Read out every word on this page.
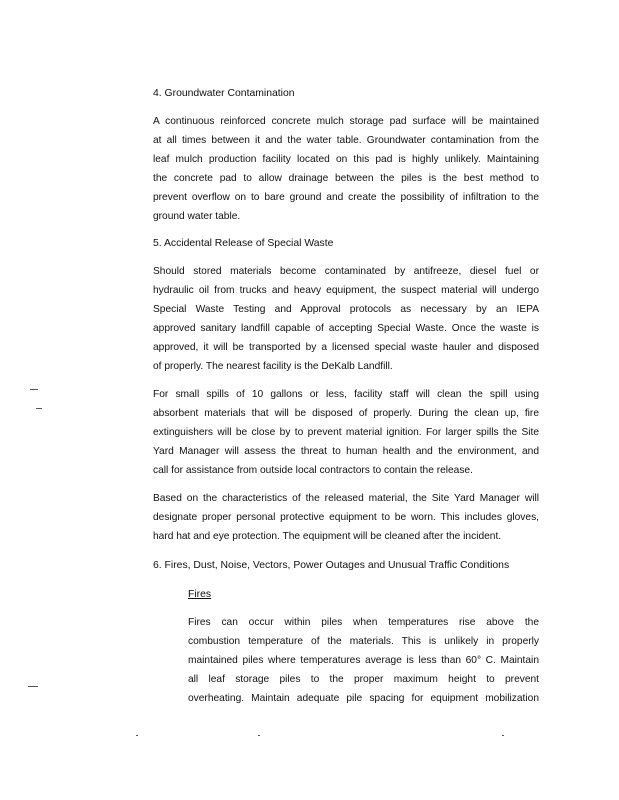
4. Groundwater Contamination
A continuous reinforced concrete mulch storage pad surface will be maintained
at all times between it and the water table. Groundwater contamination from the
leaf mulch production facility located on this pad is highly unlikely. Maintaining
the concrete pad to allow drainage between the piles is the best method to
prevent overflow on to bare ground and create the possibility of infiltration to the
ground water table.
5. Accidental Release of Special Waste
Should stored materials become contaminated by antifreeze, diesel fuel or
hydraulic oil from trucks and heavy equipment, the suspect material will undergo
Special Waste Testing and Approval protocols as necessary by an IEPA
approved sanitary landfill capable of accepting Special Waste. Once the waste is
approved, it will be transported by a licensed special waste hauler and disposed
of properly. The nearest facility is the DeKalb Landfill.
For small spills of 10 gallons or less, facility staff will clean the spill using
absorbent materials that will be disposed of properly. During the clean up, fire
extinguishers will be close by to prevent material ignition. For larger spills the Site
Yard Manager will assess the threat to human health and the environment, and
call for assistance from outside local contractors to contain the release.
Based on the characteristics of the released material, the Site Yard Manager will
designate proper personal protective equipment to be worn. This includes gloves,
hard hat and eye protection. The equipment will be cleaned after the incident.
6. Fires, Dust, Noise, Vectors, Power Outages and Unusual Traffic Conditions
Fires
Fires can occur within piles when temperatures rise above the
combustion temperature of the materials. This is unlikely in properly
maintained piles where temperatures average is less than 60° C. Maintain
all leaf storage piles to the proper maximum height to prevent
overheating. Maintain adequate pile spacing for equipment mobilization
